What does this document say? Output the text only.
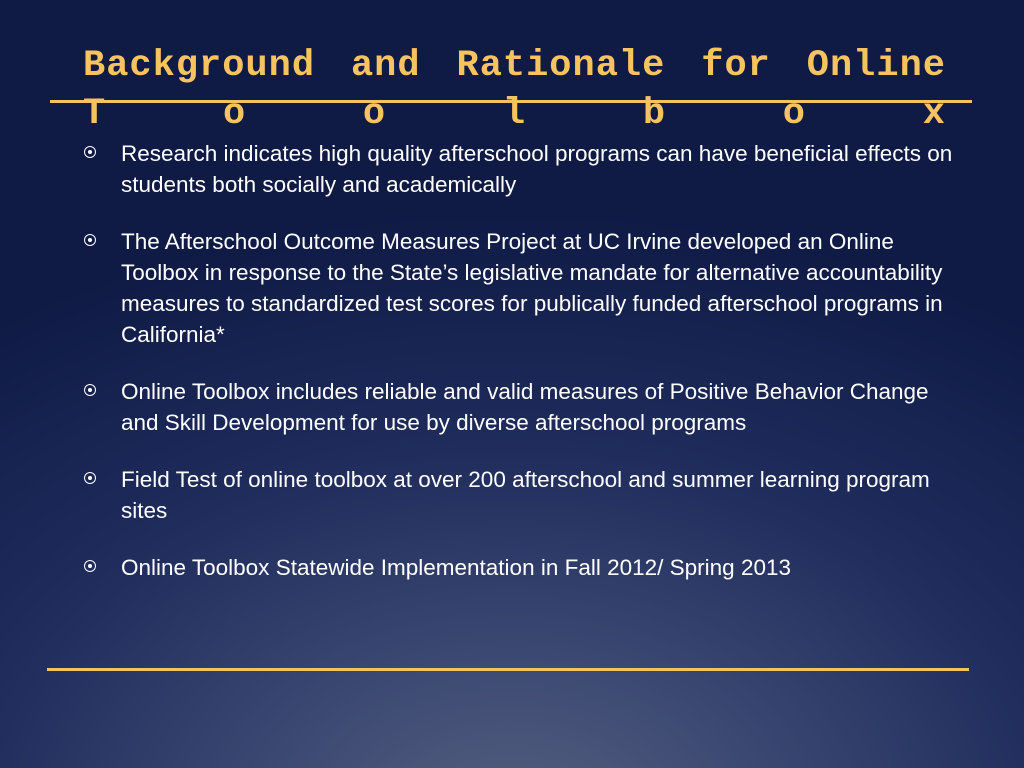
Background and Rationale for Online
T	o	o	l	b	o	x
Research indicates high quality afterschool programs can have beneficial effects on students both socially and academically
The Afterschool Outcome Measures Project at UC Irvine developed an Online Toolbox in response to the State’s legislative mandate for alternative accountability measures to standardized test scores for publically funded afterschool programs in California*
Online Toolbox includes reliable and valid measures of Positive Behavior Change and Skill Development for use by diverse afterschool programs
Field Test of online toolbox at over 200 afterschool and summer learning program sites
Online Toolbox Statewide Implementation in Fall 2012/ Spring 2013
